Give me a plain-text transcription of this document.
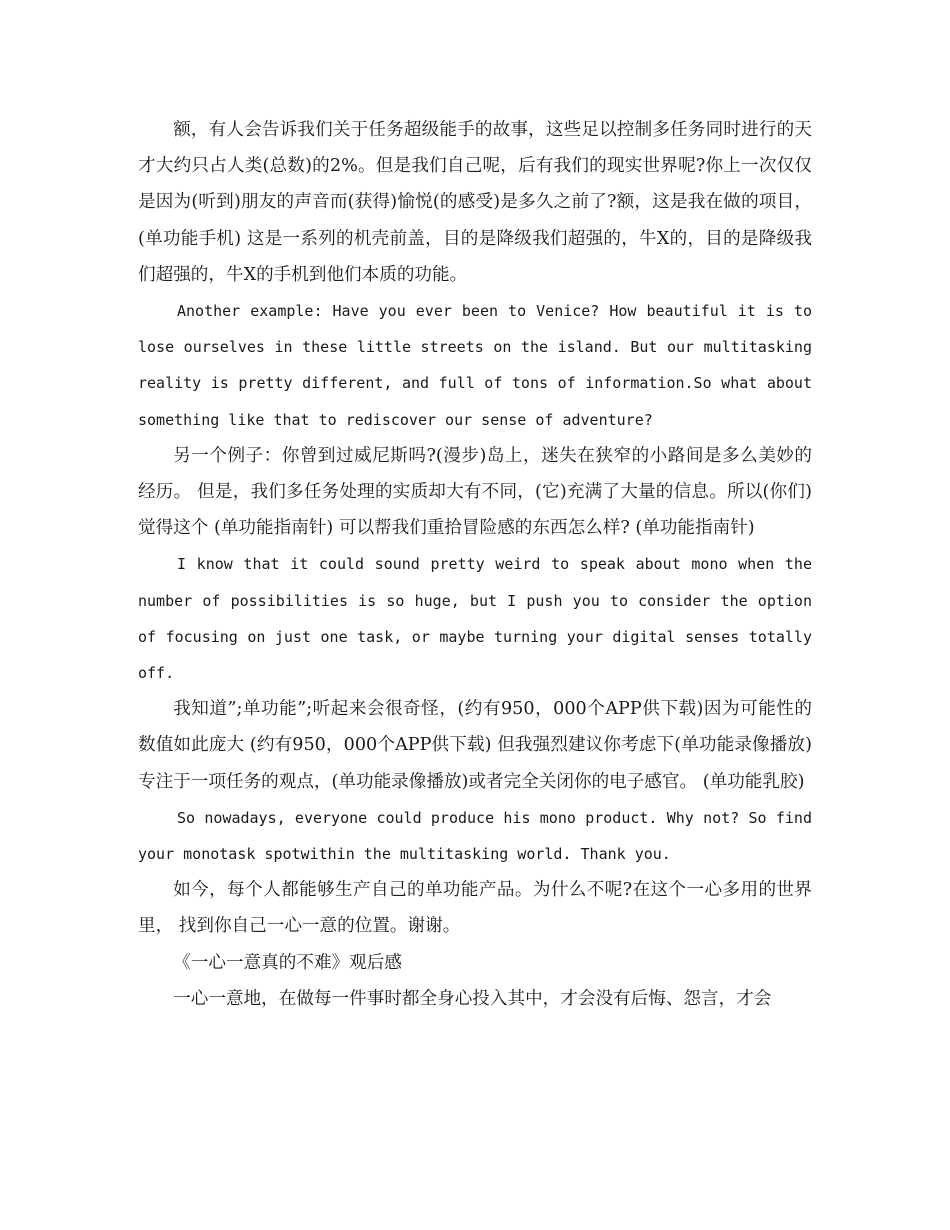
额，有人会告诉我们关于任务超级能手的故事，这些足以控制多任务同时进行的天才大约只占人类(总数)的2%。但是我们自己呢，后有我们的现实世界呢?你上一次仅仅是因为(听到)朋友的声音而(获得)愉悦(的感受)是多久之前了?额，这是我在做的项目，(单功能手机) 这是一系列的机壳前盖，目的是降级我们超强的，牛X的，目的是降级我们超强的，牛X的手机到他们本质的功能。

Another example: Have you ever been to Venice? How beautiful it is to lose ourselves in these little streets on the island. But our multitasking reality is pretty different, and full of tons of information.So what about something like that to rediscover our sense of adventure?

另一个例子：你曾到过威尼斯吗?(漫步)岛上，迷失在狭窄的小路间是多么美妙的经历。 但是，我们多任务处理的实质却大有不同，(它)充满了大量的信息。所以(你们)觉得这个 (单功能指南针) 可以帮我们重拾冒险感的东西怎么样? (单功能指南针)

I know that it could sound pretty weird to speak about mono when the number of possibilities is so huge, but I push you to consider the option of focusing on just one task, or maybe turning your digital senses totally off.

我知道”;单功能”;听起来会很奇怪，(约有950，000个APP供下载)因为可能性的数值如此庞大 (约有950，000个APP供下载) 但我强烈建议你考虑下(单功能录像播放)专注于一项任务的观点，(单功能录像播放)或者完全关闭你的电子感官。 (单功能乳胶)

So nowadays, everyone could produce his mono product. Why not? So find your monotask spotwithin the multitasking world. Thank you.

如今，每个人都能够生产自己的单功能产品。为什么不呢?在这个一心多用的世界里， 找到你自己一心一意的位置。谢谢。

《一心一意真的不难》观后感

一心一意地，在做每一件事时都全身心投入其中，才会没有后悔、怨言，才会
